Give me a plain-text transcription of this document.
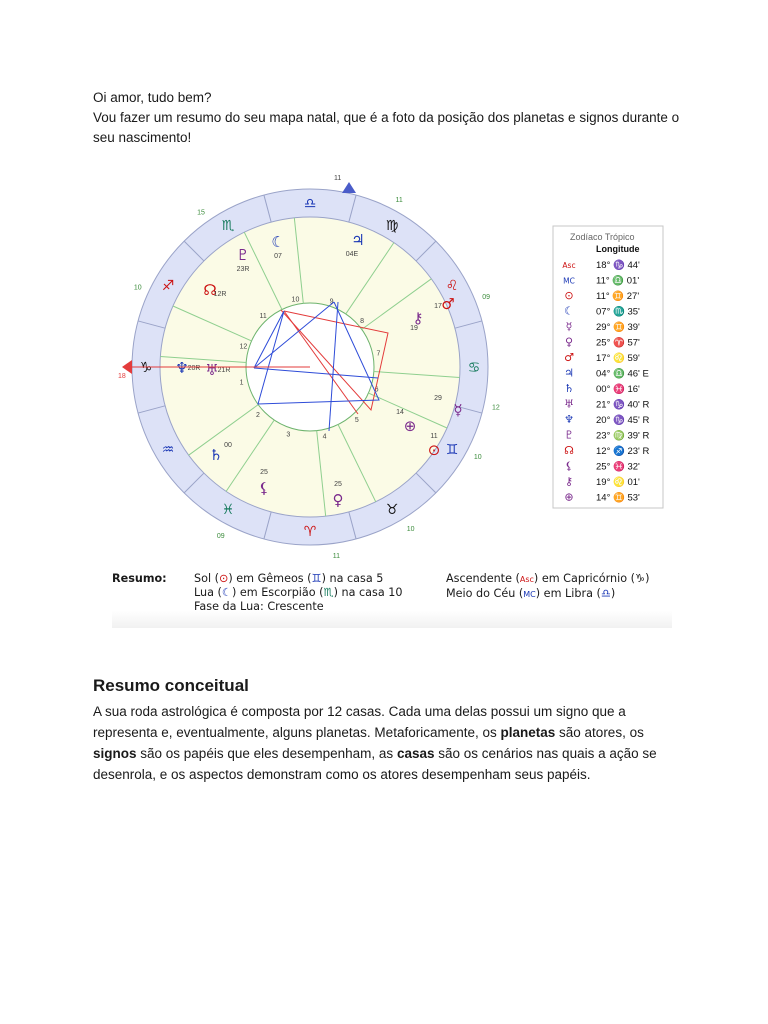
Oi amor, tudo bem?

Vou fazer um resumo do seu mapa natal, que é a foto da posição dos planetas e signos durante o seu nascimento!

♎
♍
♌
♋
♊
♉
♈
♓
♒
♑
♐
♏
10	9
8
7
6
5
4
3
2
1
12
11
♃
04E
☾
07
♇
23R
☊
12R
♆
20R ♅
21R
♄
00
⚸
25
♀
25
⚷
19
♂
17
☿
29
⊙
11
⊕
14
11
09
12
10
10
11
09
15
10
18
11
Zodíaco Trópico
Longitude
Asc 18° ♑ 44'
MC 11° ♎ 01'
⊙ 11° ♊ 27'
☾ 07° ♏ 35'
☿ 29° ♊ 39'
♀ 25° ♈ 57'
♂ 17° ♌ 59'
♃ 04° ♎ 46' E
♄ 00° ♓ 16'
♅ 21° ♑ 40' R
♆ 20° ♑ 45' R
♇ 23° ♍ 39' R
☊ 12° ♐ 23' R
⚸ 25° ♓ 32'
⚷ 19° ♌ 01'
⊕ 14° ♊ 53'
Resumo: Sol (⊙) em Gêmeos (♊) na casa 5
Lua (☾) em Escorpião (♏) na casa 10
Fase da Lua: Crescente
Ascendente (Asc) em Capricórnio (♑)
Meio do Céu (MC) em Libra (♎)
Resumo conceitual

A sua roda astrológica é composta por 12 casas. Cada uma delas possui um signo que a representa e, eventualmente, alguns planetas. Metaforicamente, os planetas são atores, os signos são os papéis que eles desempenham, as casas são os cenários nas quais a ação se desenrola, e os aspectos demonstram como os atores desempenham seus papéis.
